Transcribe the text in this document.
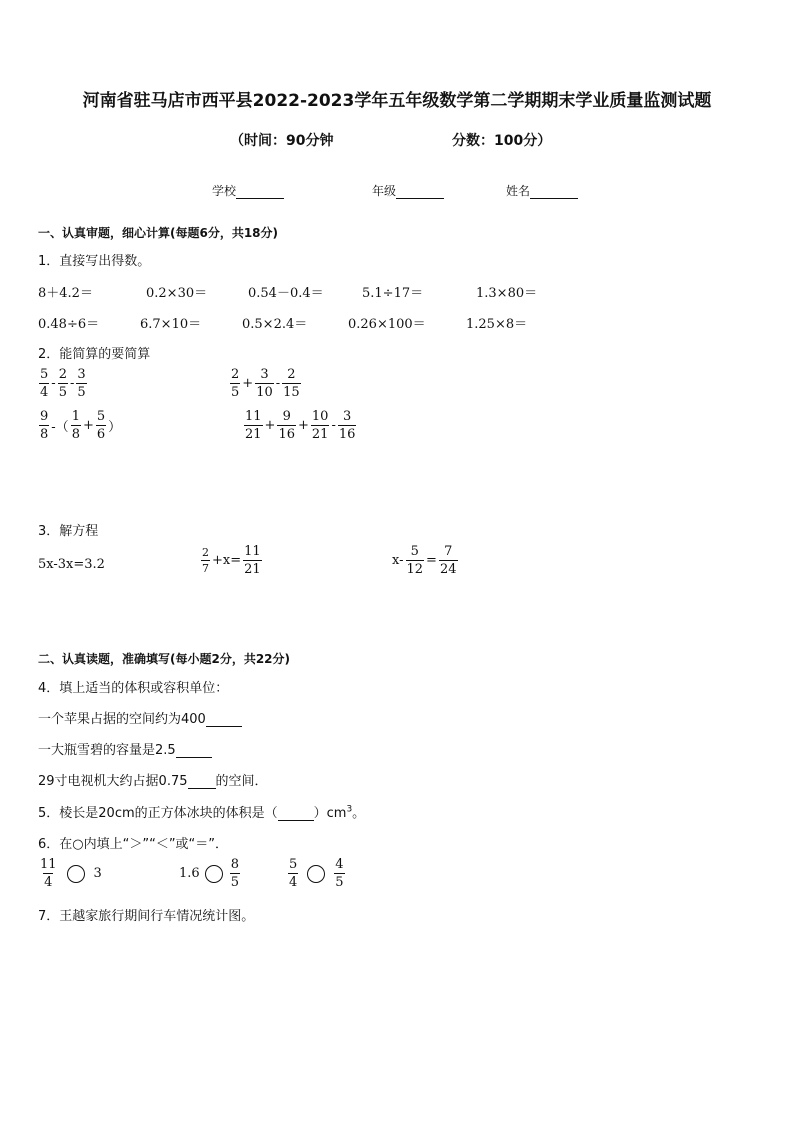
河南省驻马店市西平县2022-2023学年五年级数学第二学期期末学业质量监测试题
（时间：90分钟	分数：100分）
学校	年级	姓名
一、认真审题，细心计算(每题6分，共18分)
1．直接写出得数。
8＋4.2＝	0.2×30＝	0.54－0.4＝	5.1÷17＝	1.3×80＝
0.48÷6＝	6.7×10＝	0.5×2.4＝	0.26×100＝	1.25×8＝
2．能简算的要简算
$\frac{5}{4} - \frac{2}{5} - \frac{3}{5}$	$\frac{2}{5} + \frac{3}{10} - \frac{2}{15}$
$\frac{9}{8}$ -（ $\frac{1}{8} + \frac{5}{6}$ ）	$\frac{11}{21} + \frac{9}{16} + \frac{10}{21} - \frac{3}{16}$
3．解方程
5x-3x=3.2	$\frac{2}{7} +x= \frac{11}{21}$	$x- \frac{5}{12} = \frac{7}{24}$
二、认真读题，准确填写(每小题2分，共22分)
4．填上适当的体积或容积单位：
一个苹果占据的空间约为400
一大瓶雪碧的容量是2.5
29寸电视机大约占据0.75 的空间．
5．棱长是20cm的正方体冰块的体积是（	）$cm^3$。
6．在○内填上“＞”“＜”或“＝”．
$\frac{11}{4}$	3	$1.6 \frac{8}{5}$	$\frac{5}{4}$	$\frac{4}{5}$
7．王越家旅行期间行车情况统计图。
